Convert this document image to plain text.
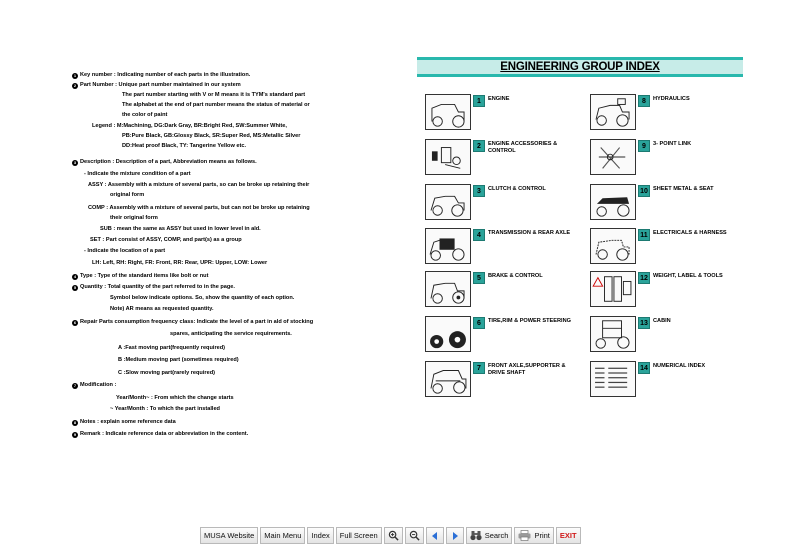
1 Key number : Indicating number of each parts in the illustration.
2 Part Number : Unique part number maintained in our system
The part number starting with V or M means it is TYM's standard part
The alphabet at the end of part number means the status of material or
the color of paint
Legend : M:Machining, DG:Dark Gray, BR:Bright Red, SW:Summer White,
PB:Pure Black, GB:Glossy Black, SR:Super Red, MS:Metallic Silver
DD:Heat proof Black, TY: Tangerine Yellow etc.
3 Description : Description of a part, Abbreviation means as follows.
- Indicate the mixture condition of a part
ASSY : Assembly with a mixture of several parts, so can be broke up retaining their
original form
COMP : Assembly with a mixture of several parts, but can not be broke up retaining
their original form
SUB : mean the same as ASSY but used in lower level in ald.
SET : Part consist of ASSY, COMP, and part(s) as a group
- Indicate the location of a part
LH: Left, RH: Right, FR: Front, RR: Rear, UPR: Upper, LOW: Lower
4 Type : Type of the standard items like bolt or nut
5 Quantity : Total quantity of the part referred to in the page.
Symbol below indicate options. So, show the quantity of each option.
Note) AR means as requested quantity.
6 Repair Parts consumption frequency class: Indicate the level of a part in ald of stocking
spares, anticipating the service requirements.
A :Fast moving part(frequently required)
B :Medium moving part (sometimes required)
C :Slow moving part(rarely required)
7 Modification :
Year/Month~ : From which the change starts
~ Year/Month : To which the part installed
8 Notes : explain some reference data
9 Remark : Indicate reference data or abbreviation in the content.
ENGINEERING GROUP INDEX
1	ENGINE
2	ENGINE ACCESSORIES & CONTROL
3	CLUTCH & CONTROL
4	TRANSMISSION & REAR AXLE
5	BRAKE & CONTROL
6	TIRE,RIM & POWER STEERING
7	FRONT AXLE,SUPPORTER & DRIVE SHAFT
8	HYDRAULICS
9	3- POINT LINK
10 SHEET METAL & SEAT
11 ELECTRICALS & HARNESS
12 WEIGHT, LABEL & TOOLS
13 CABIN
14 NUMERICAL INDEX
MUSA Website Main Menu Index Full Screen	Search	Print EXIT
